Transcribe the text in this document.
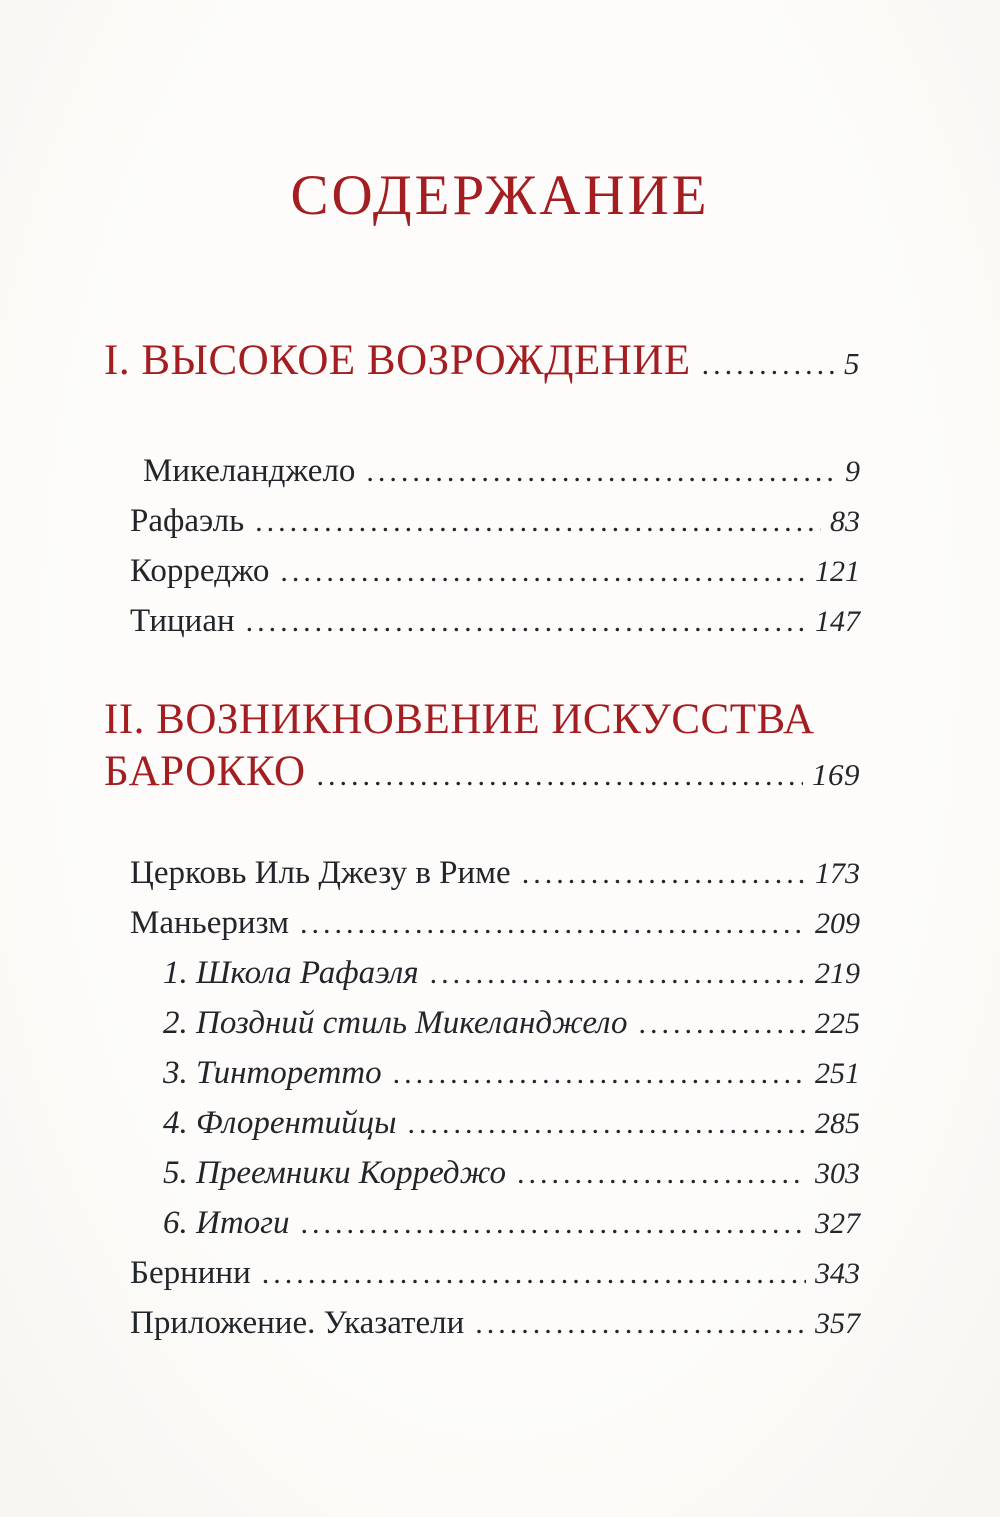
СОДЕРЖАНИЕ
I. ВЫСОКОЕ ВОЗРОЖДЕНИЕ .....	5
Микеланджело .....	9
Рафаэль .....	83
Корреджо .....	121
Тициан .....	147
II. ВОЗНИКНОВЕНИЕ ИСКУССТВА
БАРОККО .....	169
Церковь Иль Джезу в Риме .....	173
Маньеризм .....	209
1. Школа Рафаэля .....	219
2. Поздний стиль Микеланджело .....	225
3. Тинторетто .....	251
4. Флорентийцы .....	285
5. Преемники Корреджо .....	303
6. Итоги .....	327
Бернини .....	343
Приложение. Указатели .....	357
